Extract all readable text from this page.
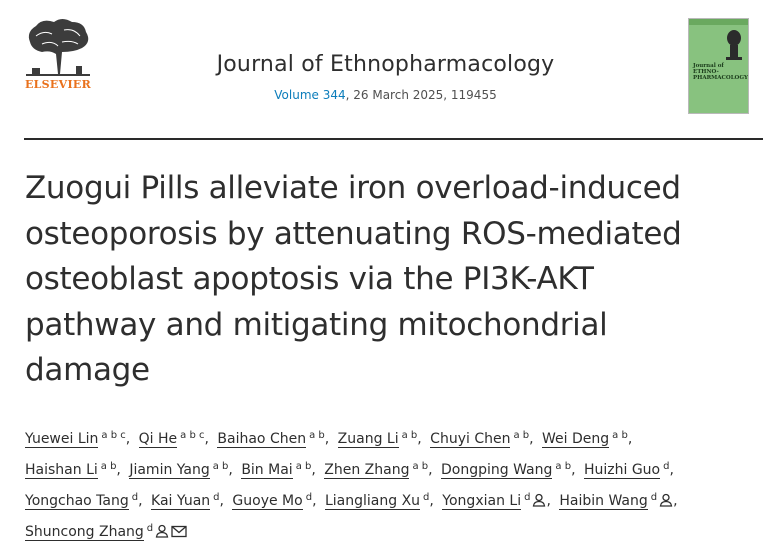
ELSEVIER
Journal of Ethnopharmacology
Volume 344, 26 March 2025, 119455
Journal of ETHNO-PHARMACOLOGY
Zuogui Pills alleviate iron overload-induced
osteoporosis by attenuating ROS-mediated
osteoblast apoptosis via the PI3K-AKT
pathway and mitigating mitochondrial
damage
Yuewei Lin $^{a b c}$, Qi He $^{a b c}$, Baihao Chen $^{a b}$, Zuang Li $^{a b}$, Chuyi Chen $^{a b}$, Wei Deng $^{a b}$,
Haishan Li $^{a b}$, Jiamin Yang $^{a b}$, Bin Mai $^{a b}$, Zhen Zhang $^{a b}$, Dongping Wang $^{a b}$, Huizhi Guo $^d$,
Yongchao Tang $^d$, Kai Yuan $^d$, Guoye Mo $^d$, Liangliang Xu $^d$, Yongxian Li $^d$ , Haibin Wang $^d$ ,
Shuncong Zhang $^d$
